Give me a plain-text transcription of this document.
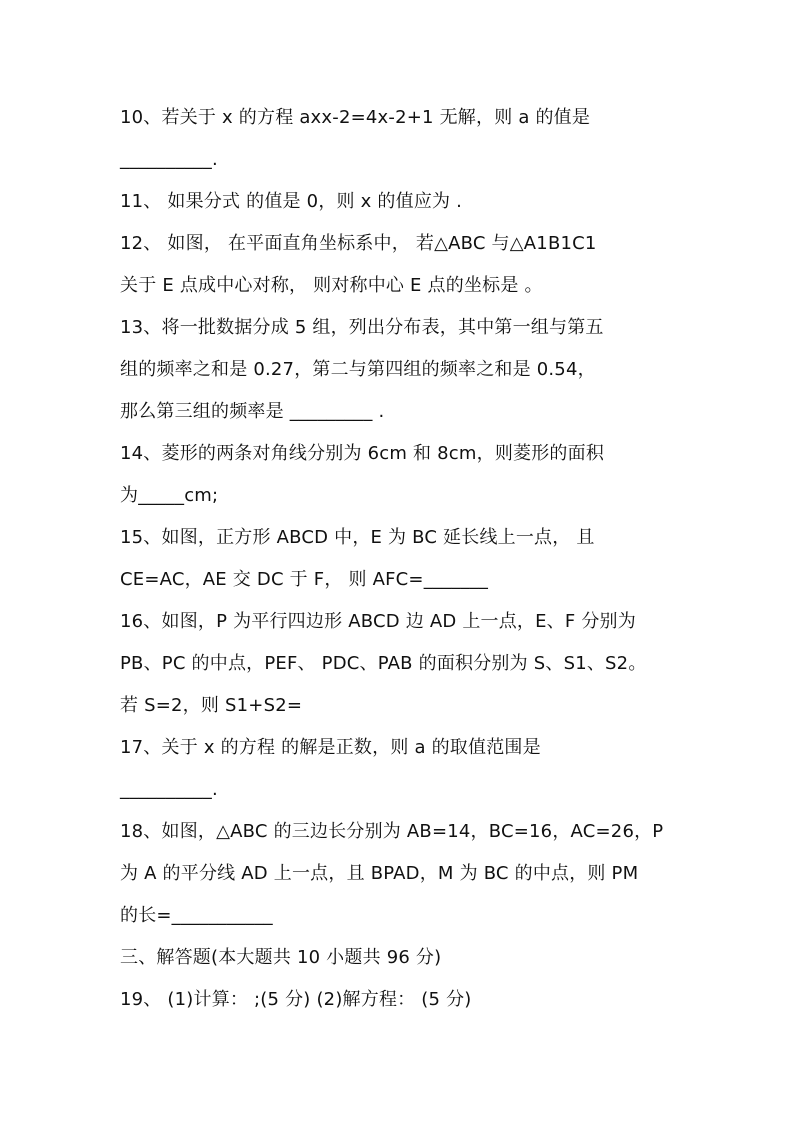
10、若关于 x 的方程 axx-2=4x-2+1 无解，则 a 的值是
__________.
11、 如果分式 的值是 0，则 x 的值应为 .
12、 如图， 在平面直角坐标系中， 若△ABC 与△A1B1C1
关于 E 点成中心对称， 则对称中心 E 点的坐标是 。
13、将一批数据分成 5 组，列出分布表，其中第一组与第五
组的频率之和是 0.27，第二与第四组的频率之和是 0.54，
那么第三组的频率是 _________ .
14、菱形的两条对角线分别为 6cm 和 8cm，则菱形的面积
为_____cm;
15、如图，正方形 ABCD 中，E 为 BC 延长线上一点， 且
CE=AC，AE 交 DC 于 F， 则 AFC=_______
16、如图，P 为平行四边形 ABCD 边 AD 上一点，E、F 分别为
PB、PC 的中点，PEF、 PDC、PAB 的面积分别为 S、S1、S2。
若 S=2，则 S1+S2=
17、关于 x 的方程 的解是正数，则 a 的取值范围是
__________.
18、如图，△ABC 的三边长分别为 AB=14，BC=16，AC=26，P
为 A 的平分线 AD 上一点，且 BPAD，M 为 BC 的中点，则 PM
的长=___________
三、解答题(本大题共 10 小题共 96 分)
19、 (1)计算： ;(5 分) (2)解方程： (5 分)
